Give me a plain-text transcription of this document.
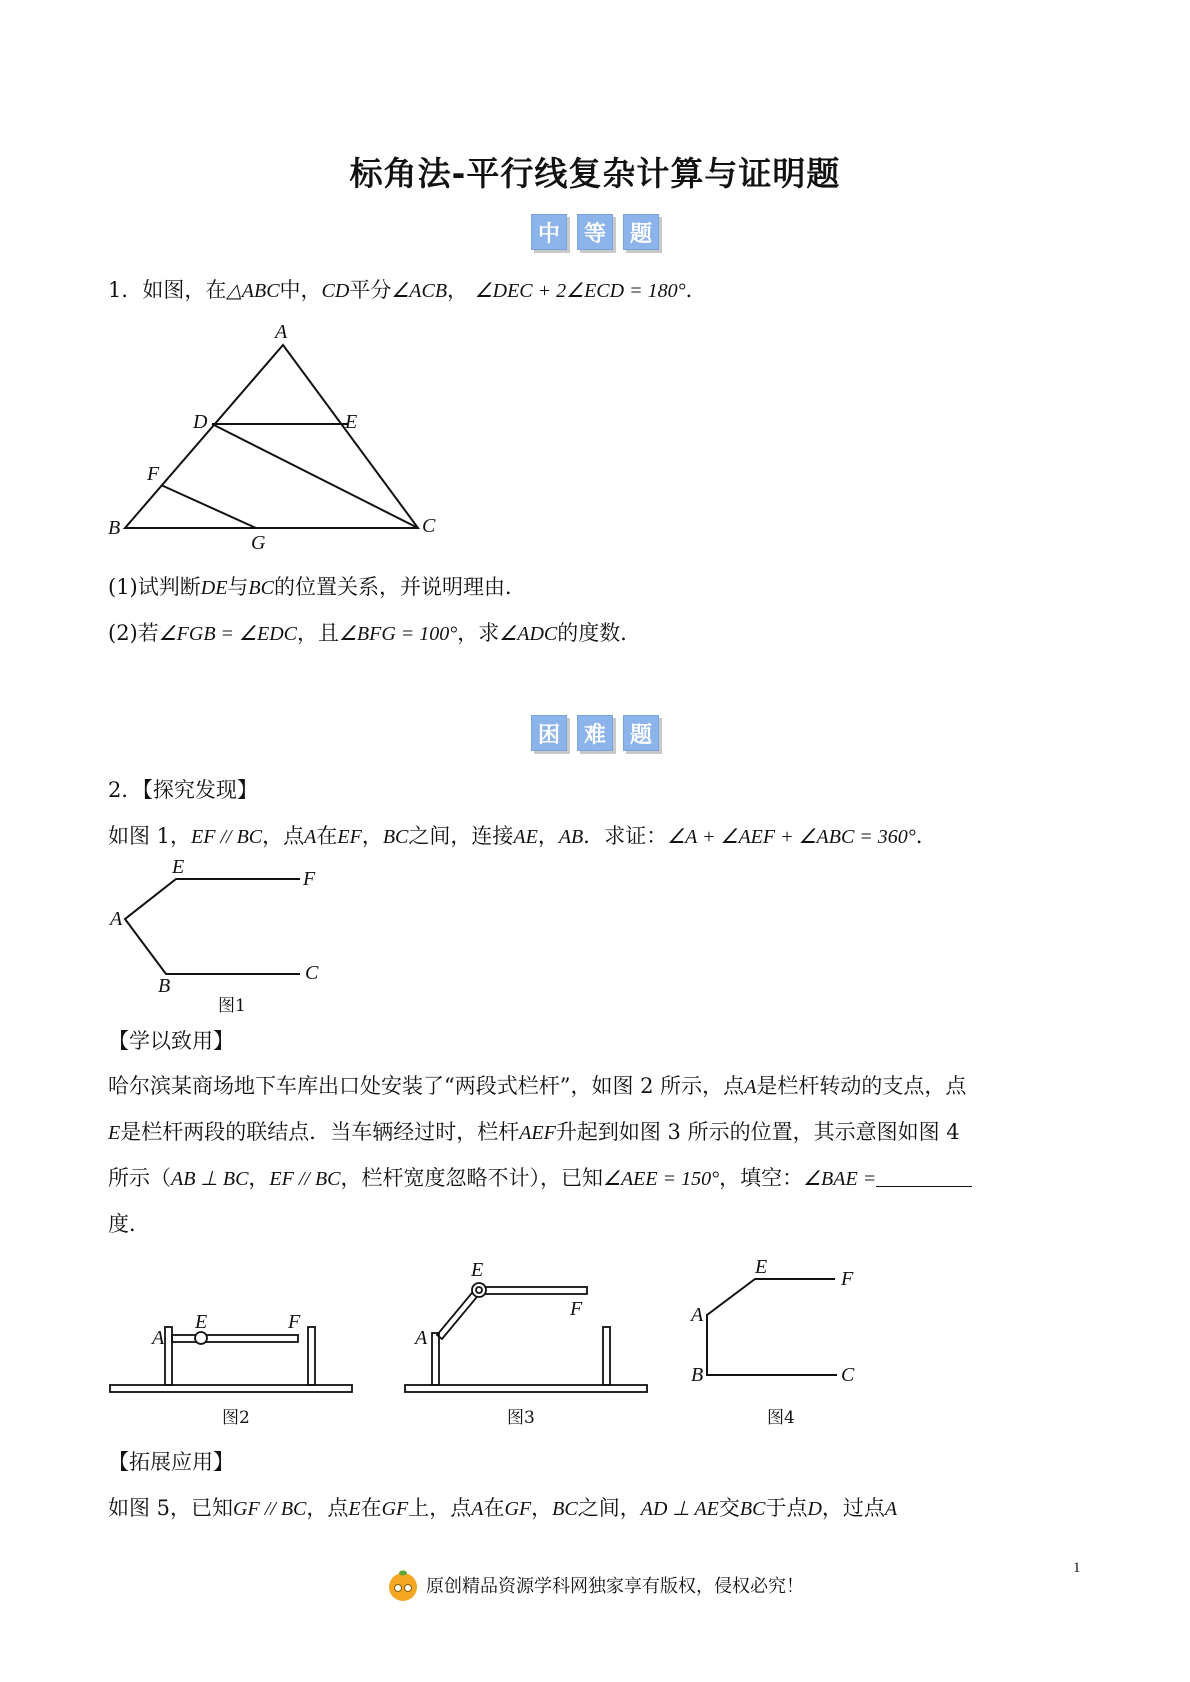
标角法-平行线复杂计算与证明题
中	等	题
1．如图，在△ABC中，CD平分∠ACB， ∠DEC + 2∠ECD = 180°．
A
D	E
F
B
G
C
(1)试判断DE与BC的位置关系，并说明理由．
(2)若∠FGB = ∠EDC，且∠BFG = 100°，求∠ADC的度数．
困	难	题
2．【探究发现】
如图 1，EF // BC，点A在EF，BC之间，连接AE，AB．求证：∠A + ∠AEF + ∠ABC = 360°．
E
F
A
B
C
图1
【学以致用】
哈尔滨某商场地下车库出口处安装了“两段式栏杆”，如图 2 所示，点A是栏杆转动的支点，点
E是栏杆两段的联结点．当车辆经过时，栏杆AEF升起到如图 3 所示的位置，其示意图如图 4
所示（AB ⊥ BC，EF // BC，栏杆宽度忽略不计），已知∠AEE = 150°，填空：∠BAE =
度．
A
E	F
图2
A
E
F
图3
E
F
A
B	C
图4
【拓展应用】
如图 5，已知GF // BC，点E在GF上，点A在GF，BC之间，AD ⊥ AE交BC于点D，过点A
原创精品资源学科网独家享有版权，侵权必究！
1
